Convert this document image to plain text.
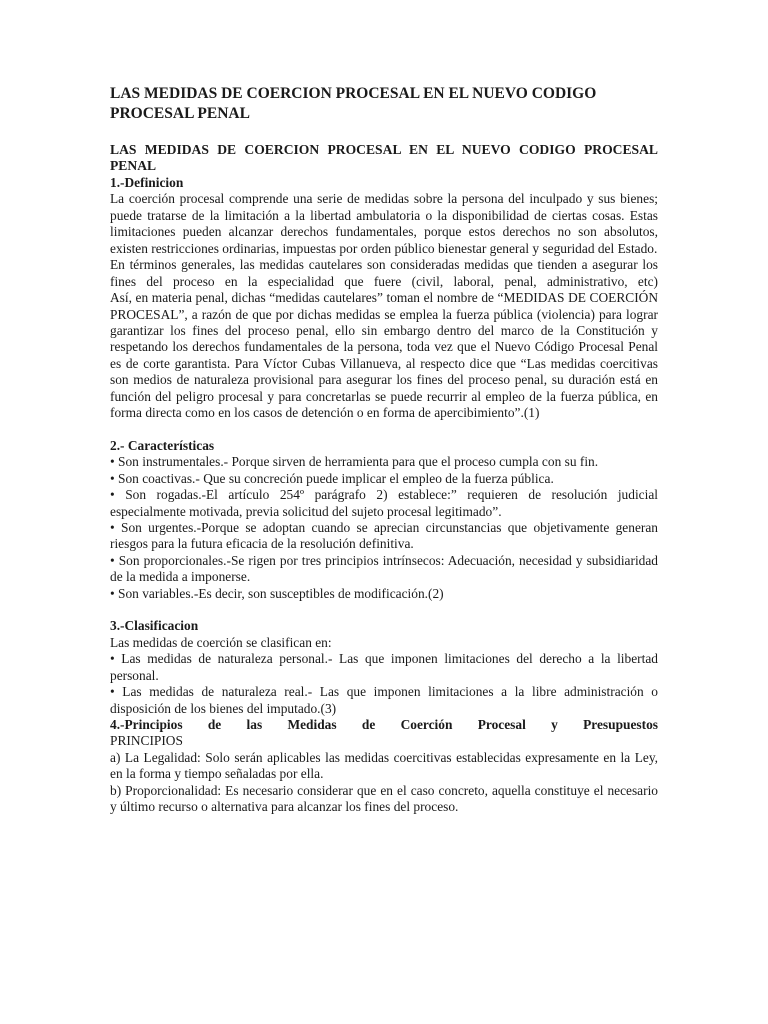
LAS MEDIDAS DE COERCION PROCESAL EN EL NUEVO CODIGO PROCESAL PENAL

LAS MEDIDAS DE COERCION PROCESAL EN EL NUEVO CODIGO PROCESAL PENAL

1.-Definicion

La coerción procesal comprende una serie de medidas sobre la persona del inculpado y sus bienes; puede tratarse de la limitación a la libertad ambulatoria o la disponibilidad de ciertas cosas. Estas limitaciones pueden alcanzar derechos fundamentales, porque estos derechos no son absolutos, existen restricciones ordinarias, impuestas por orden público bienestar general y seguridad del Estado.

En términos generales, las medidas cautelares son consideradas medidas que tienden a asegurar los fines del proceso en la especialidad que fuere (civil, laboral, penal, administrativo, etc)

Así, en materia penal, dichas “medidas cautelares” toman el nombre de “MEDIDAS DE COERCIÓN PROCESAL”, a razón de que por dichas medidas se emplea la fuerza pública (violencia) para lograr garantizar los fines del proceso penal, ello sin embargo dentro del marco de la Constitución y respetando los derechos fundamentales de la persona, toda vez que el Nuevo Código Procesal Penal es de corte garantista. Para Víctor Cubas Villanueva, al respecto dice que “Las medidas coercitivas son medios de naturaleza provisional para asegurar los fines del proceso penal, su duración está en función del peligro procesal y para concretarlas se puede recurrir al empleo de la fuerza pública, en forma directa como en los casos de detención o en forma de apercibimiento”.(1)

2.- Características

• Son instrumentales.- Porque sirven de herramienta para que el proceso cumpla con su fin.

• Son coactivas.- Que su concreción puede implicar el empleo de la fuerza pública.

• Son rogadas.-El artículo 254º parágrafo 2) establece:” requieren de resolución judicial especialmente motivada, previa solicitud del sujeto procesal legitimado”.

• Son urgentes.-Porque se adoptan cuando se aprecian circunstancias que objetivamente generan riesgos para la futura eficacia de la resolución definitiva.

• Son proporcionales.-Se rigen por tres principios intrínsecos: Adecuación, necesidad y subsidiaridad de la medida a imponerse.

• Son variables.-Es decir, son susceptibles de modificación.(2)

3.-Clasificacion

Las medidas de coerción se clasifican en:

• Las medidas de naturaleza personal.- Las que imponen limitaciones del derecho a la libertad personal.

• Las medidas de naturaleza real.- Las que imponen limitaciones a la libre administración o disposición de los bienes del imputado.(3)

4.-Principios de las Medidas de Coerción Procesal y Presupuestos

PRINCIPIOS

a) La Legalidad: Solo serán aplicables las medidas coercitivas establecidas expresamente en la Ley, en la forma y tiempo señaladas por ella.

b) Proporcionalidad: Es necesario considerar que en el caso concreto, aquella constituye el necesario y último recurso o alternativa para alcanzar los fines del proceso.
